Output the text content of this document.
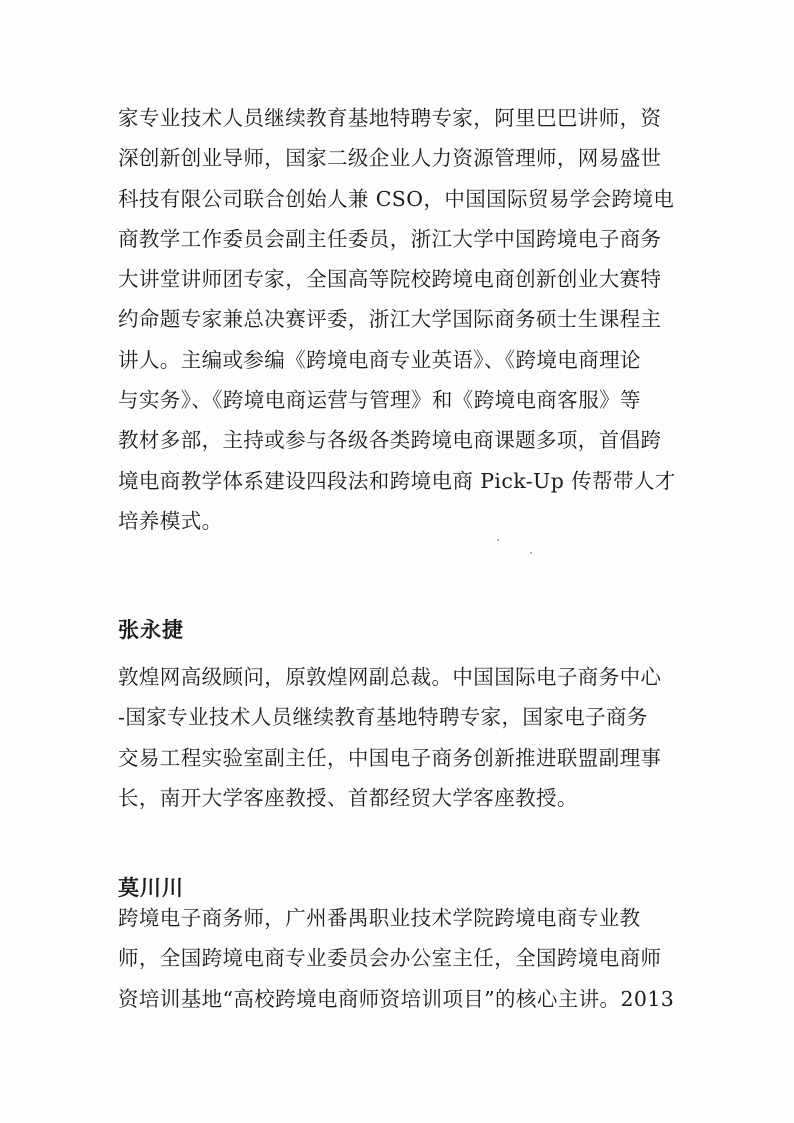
家专业技术人员继续教育基地特聘专家，阿里巴巴讲师，资
深创新创业导师，国家二级企业人力资源管理师，网易盛世
科技有限公司联合创始人兼 CSO，中国国际贸易学会跨境电
商教学工作委员会副主任委员，浙江大学中国跨境电子商务
大讲堂讲师团专家，全国高等院校跨境电商创新创业大赛特
约命题专家兼总决赛评委，浙江大学国际商务硕士生课程主
讲人。主编或参编《跨境电商专业英语》、《跨境电商理论
与实务》、《跨境电商运营与管理》和《跨境电商客服》等
教材多部，主持或参与各级各类跨境电商课题多项，首倡跨
境电商教学体系建设四段法和跨境电商 Pick-Up 传帮带人才
培养模式。
张永捷
敦煌网高级顾问，原敦煌网副总裁。中国国际电子商务中心
-国家专业技术人员继续教育基地特聘专家，国家电子商务
交易工程实验室副主任，中国电子商务创新推进联盟副理事
长，南开大学客座教授、首都经贸大学客座教授。
莫川川
跨境电子商务师，广州番禺职业技术学院跨境电商专业教
师，全国跨境电商专业委员会办公室主任，全国跨境电商师
资培训基地“高校跨境电商师资培训项目”的核心主讲。2013
